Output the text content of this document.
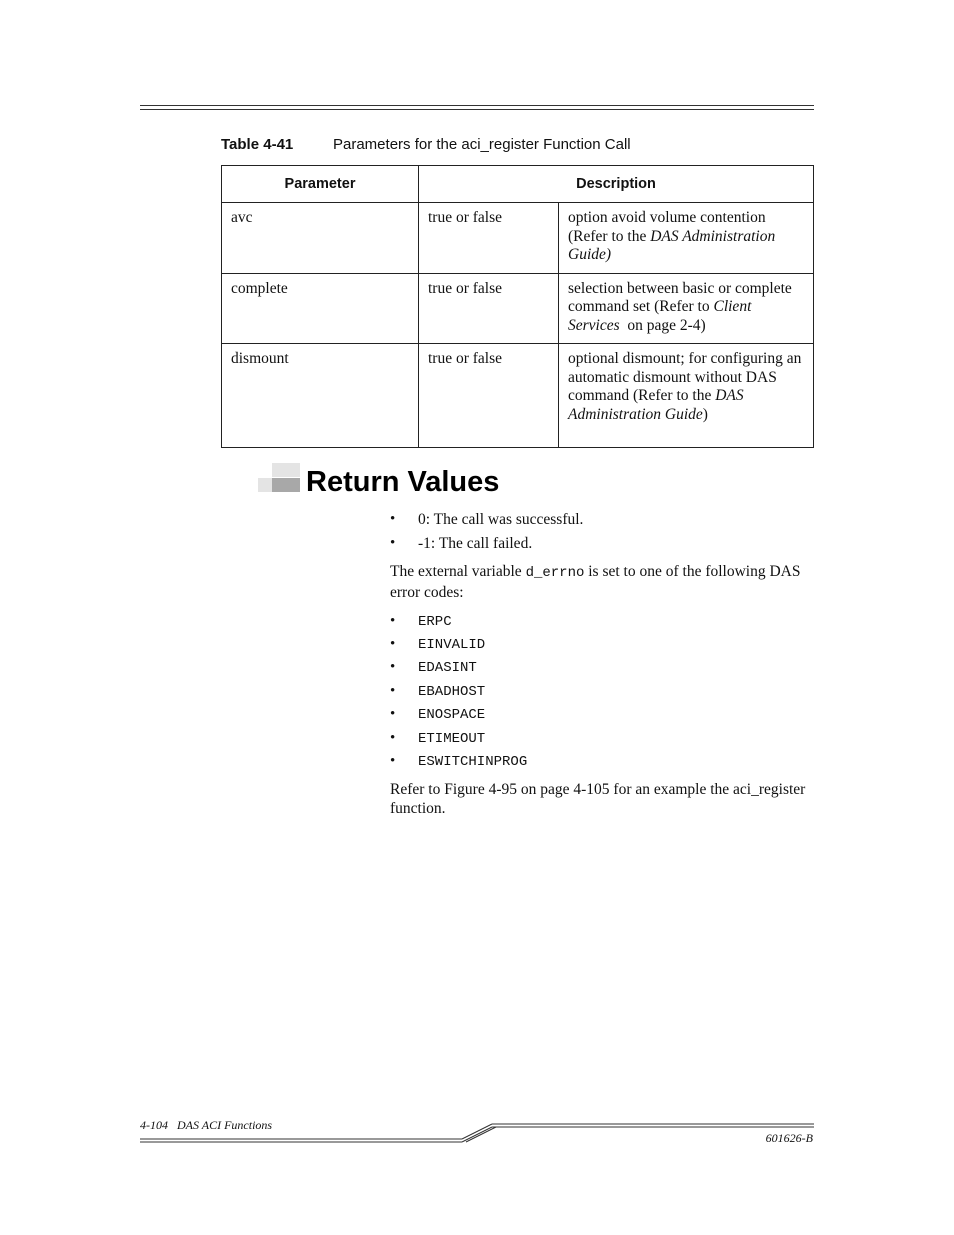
Table 4-41	Parameters for the aci_register Function Call
Parameter	Description	
avc	true or false	option avoid volume contention (Refer to the DAS Administration Guide)
complete	true or false	selection between basic or complete command set (Refer to Client Services  on page 2-4)
dismount	true or false	optional dismount; for configuring an automatic dismount without DAS command (Refer to the DAS Administration Guide)
Return Values
• 0: The call was successful.
• -1: The call failed.
The external variable d_errno is set to one of the following DAS error codes:
• ERPC
• EINVALID
• EDASINT
• EBADHOST
• ENOSPACE
• ETIMEOUT
• ESWITCHINPROG
Refer to Figure 4-95 on page 4-105 for an example the aci_register function.
4-104   DAS ACI Functions
601626-B
